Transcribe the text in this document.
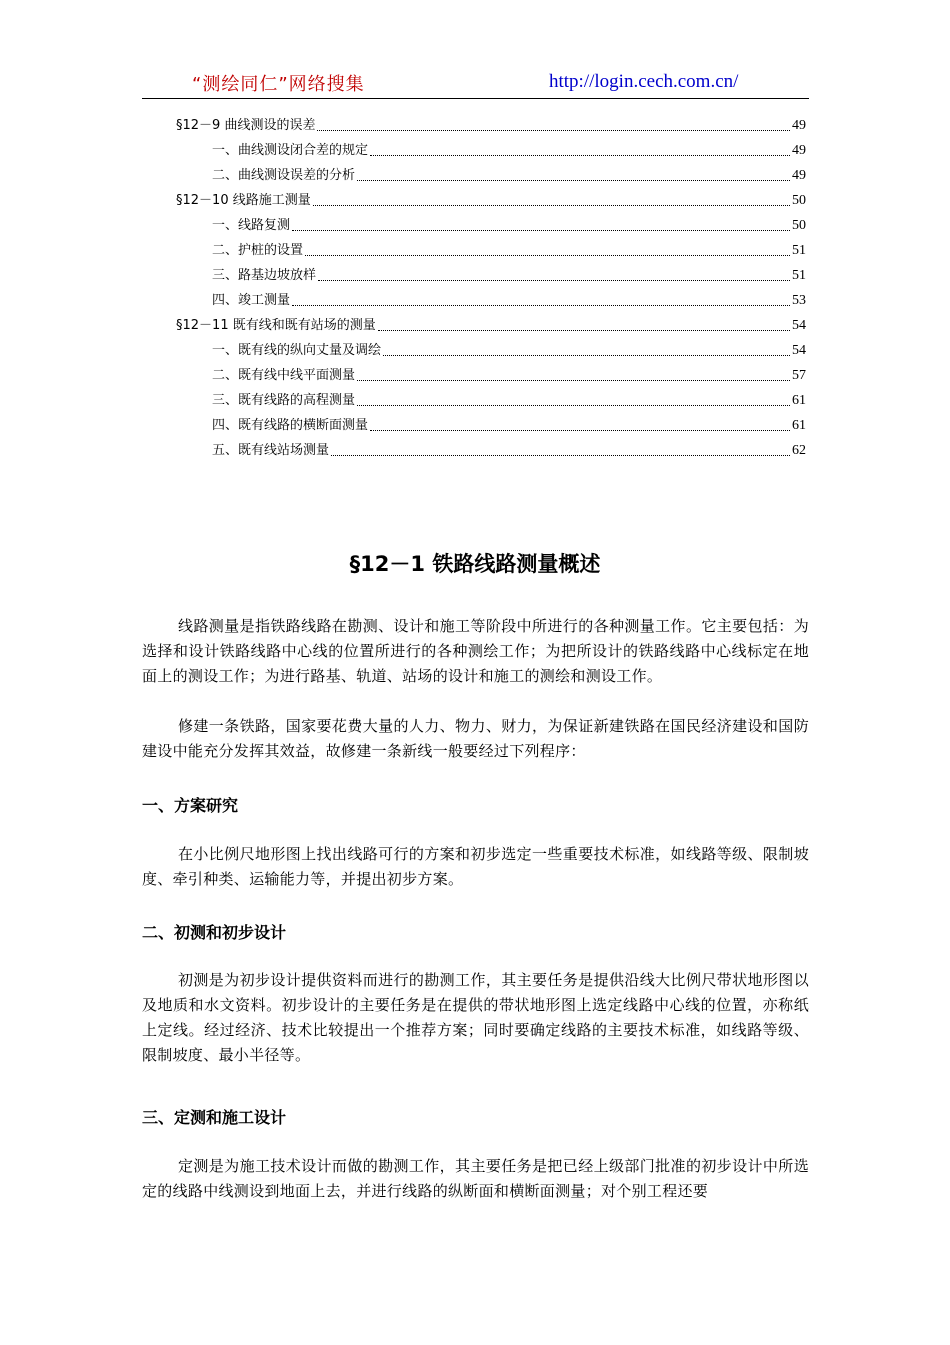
“测绘同仁”网络搜集	http://login.cech.com.cn/
§12－9 曲线测设的误差	49
一、曲线测设闭合差的规定	49
二、曲线测设误差的分析	49
§12－10 线路施工测量	50
一、线路复测	50
二、护桩的设置	51
三、路基边坡放样	51
四、竣工测量	53
§12－11 既有线和既有站场的测量	54
一、既有线的纵向丈量及调绘	54
二、既有线中线平面测量	57
三、既有线路的高程测量	61
四、既有线路的横断面测量	61
五、既有线站场测量	62
§12－1 铁路线路测量概述

线路测量是指铁路线路在勘测、设计和施工等阶段中所进行的各种测量工作。它主要包括：为选择和设计铁路线路中心线的位置所进行的各种测绘工作；为把所设计的铁路线路中心线标定在地面上的测设工作；为进行路基、轨道、站场的设计和施工的测绘和测设工作。

修建一条铁路，国家要花费大量的人力、物力、财力，为保证新建铁路在国民经济建设和国防建设中能充分发挥其效益，故修建一条新线一般要经过下列程序：

一、方案研究

在小比例尺地形图上找出线路可行的方案和初步选定一些重要技术标准，如线路等级、限制坡度、牵引种类、运输能力等，并提出初步方案。

二、初测和初步设计

初测是为初步设计提供资料而进行的勘测工作，其主要任务是提供沿线大比例尺带状地形图以及地质和水文资料。初步设计的主要任务是在提供的带状地形图上选定线路中心线的位置，亦称纸上定线。经过经济、技术比较提出一个推荐方案；同时要确定线路的主要技术标准，如线路等级、限制坡度、最小半径等。

三、定测和施工设计

定测是为施工技术设计而做的勘测工作，其主要任务是把已经上级部门批准的初步设计中所选定的线路中线测设到地面上去，并进行线路的纵断面和横断面测量；对个别工程还要
